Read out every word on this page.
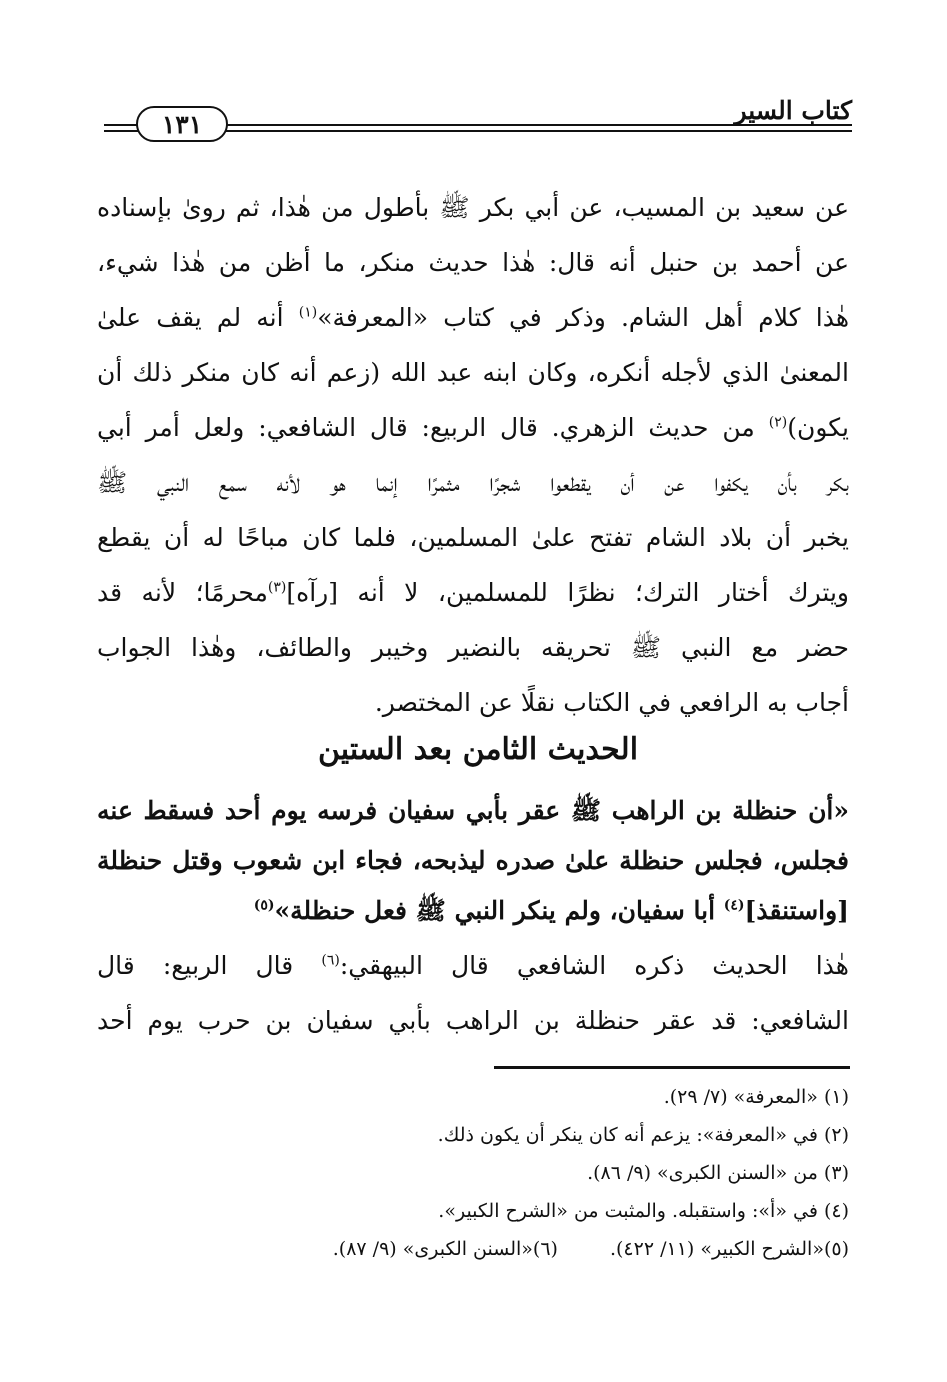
كتاب السير
١٣١
عن سعيد بن المسيب، عن أبي بكر ﷺ بأطول من هٰذا، ثم روىٰ بإسناده
عن أحمد بن حنبل أنه قال: هٰذا حديث منكر، ما أظن من هٰذا شيء،
هٰذا كلام أهل الشام. وذكر في كتاب «المعرفة»$^{(١)}$ أنه لم يقف علىٰ
المعنىٰ الذي لأجله أنكره، وكان ابنه عبد الله (زعم أنه كان منكر ذلك أن
يكون)$^{(٢)}$ من حديث الزهري. قال الربيع: قال الشافعي: ولعل أمر أبي
بكر بأن يكفوا عن أن يقطعوا شجرًا مثمرًا إنما هو لأنه سمع النبي ﷺ
يخبر أن بلاد الشام تفتح علىٰ المسلمين، فلما كان مباحًا له أن يقطع
ويترك أختار الترك؛ نظرًا للمسلمين، لا أنه [رآه]$^{(٣)}$محرمًا؛ لأنه قد
حضر مع النبي ﷺ تحريقه بالنضير وخيبر والطائف، وهٰذا الجواب
أجاب به الرافعي في الكتاب نقلًا عن المختصر.
الحديث الثامن بعد الستين
«أن حنظلة بن الراهب ﷺ عقر بأبي سفيان فرسه يوم أحد فسقط عنه
فجلس، فجلس حنظلة علىٰ صدره ليذبحه، فجاء ابن شعوب وقتل حنظلة
[واستنقذ]$^{(٤)}$ أبا سفيان، ولم ينكر النبي ﷺ فعل حنظلة»$^{(٥)}$
هٰذا الحديث ذكره الشافعي قال البيهقي:$^{(٦)}$ قال الربيع: قال
الشافعي: قد عقر حنظلة بن الراهب بأبي سفيان بن حرب يوم أحد
(١) «المعرفة» (٧/ ٢٩).
(٢) في «المعرفة»: يزعم أنه كان ينكر أن يكون ذلك.
(٣) من «السنن الكبرى» (٩/ ٨٦).
(٤) في «أ»: واستقبله. والمثبت من «الشرح الكبير».
(٥)«الشرح الكبير» (١١/ ٤٢٢).
(٦)«السنن الكبرى» (٩/ ٨٧).
